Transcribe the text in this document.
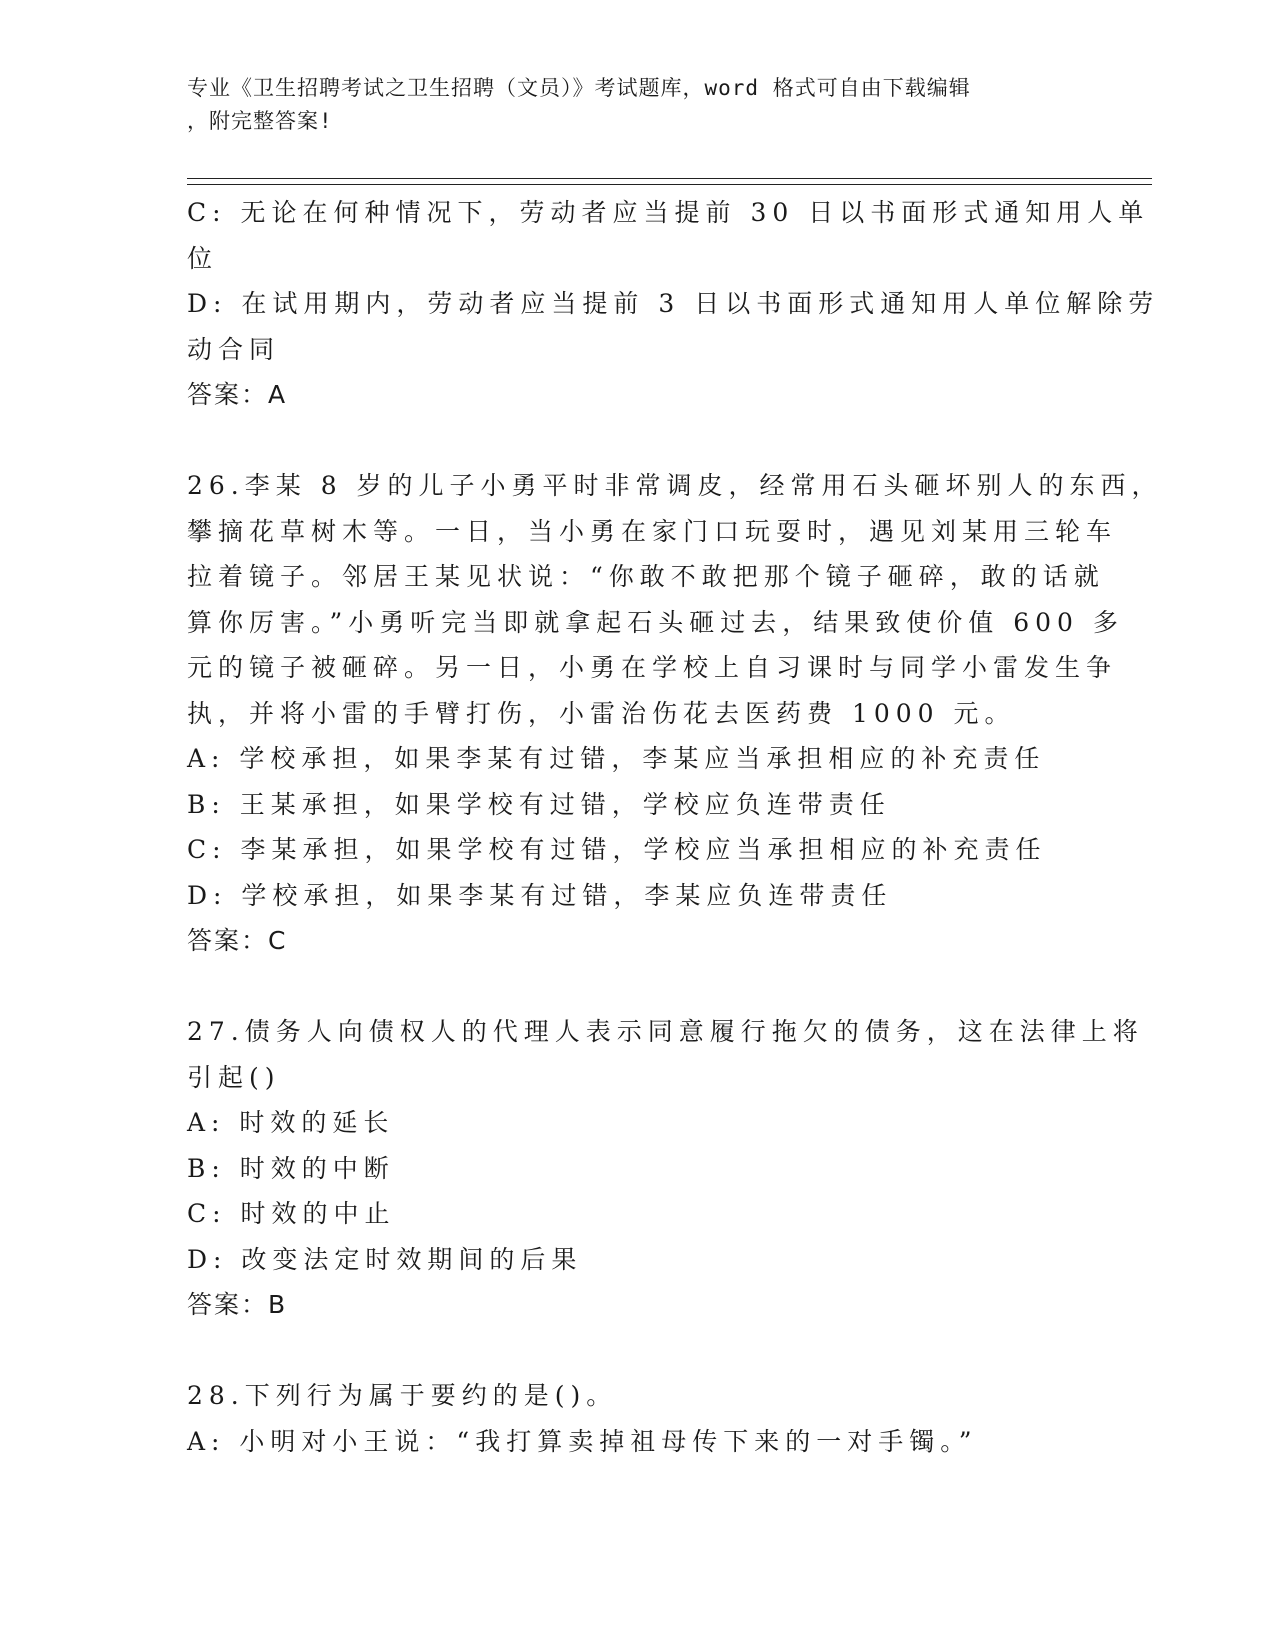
专业《卫生招聘考试之卫生招聘（文员）》考试题库，word 格式可自由下载编辑
，附完整答案!
C: 无论在何种情况下，劳动者应当提前 30 日以书面形式通知用人单
位
D: 在试用期内，劳动者应当提前 3 日以书面形式通知用人单位解除劳
动合同
答案：A
26.李某 8 岁的儿子小勇平时非常调皮，经常用石头砸坏别人的东西，
攀摘花草树木等。一日，当小勇在家门口玩耍时，遇见刘某用三轮车
拉着镜子。邻居王某见状说：“你敢不敢把那个镜子砸碎，敢的话就
算你厉害。”小勇听完当即就拿起石头砸过去，结果致使价值 600 多
元的镜子被砸碎。另一日，小勇在学校上自习课时与同学小雷发生争
执，并将小雷的手臂打伤，小雷治伤花去医药费 1000 元。
A: 学校承担，如果李某有过错，李某应当承担相应的补充责任
B: 王某承担，如果学校有过错，学校应负连带责任
C: 李某承担，如果学校有过错，学校应当承担相应的补充责任
D: 学校承担，如果李某有过错，李某应负连带责任
答案：C
27.债务人向债权人的代理人表示同意履行拖欠的债务，这在法律上将
引起()
A: 时效的延长
B: 时效的中断
C: 时效的中止
D: 改变法定时效期间的后果
答案：B
28.下列行为属于要约的是()。
A: 小明对小王说：“我打算卖掉祖母传下来的一对手镯。”
